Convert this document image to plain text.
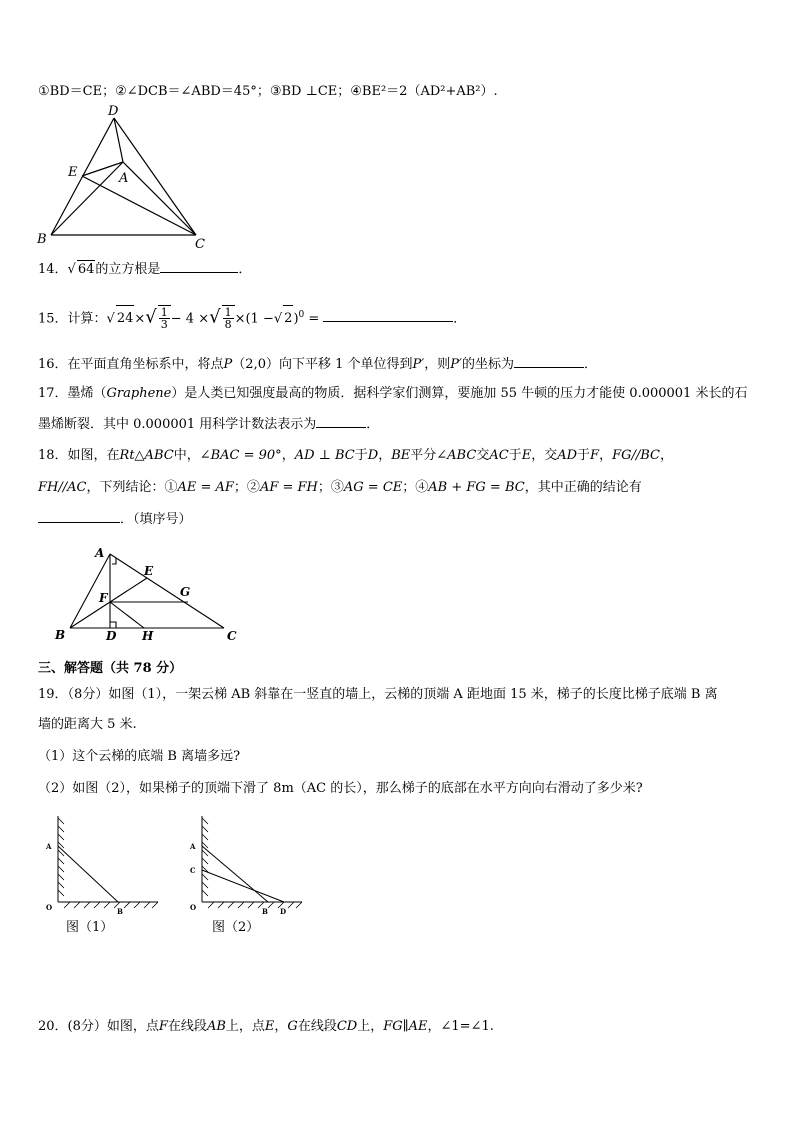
①BD＝CE；②∠DCB＝∠ABD＝45°；③BD ⊥CE；④BE²＝2（AD²+AB²）.
D
E	A
B	C
14．√ 64的立方根是	．
15．计算：√ $24\times√ \frac{1}{3} - 4$ ×√ $\frac{1}{8} \times(1$ −√ 2)$^0$ =	．
16．在平面直角坐标系中，将点P（2,0）向下平移 1 个单位得到P′，则P′的坐标为	．
17．墨烯（Graphene）是人类已知强度最高的物质．据科学家们测算，要施加 55 牛顿的压力才能使 0.000001 米长的石
墨烯断裂．其中 0.000001 用科学计数法表示为	．
18．如图，在Rt△ABC中，∠BAC = 90°，AD ⊥ BC于D，BE平分∠ABC交AC于E，交AD于F，FG//BC，
FH//AC，下列结论：①AE = AF；②AF = FH；③AG = CE；④AB + FG = BC，其中正确的结论有
．（填序号）
A
E
G
F
B	D H	C
三、解答题（共 78 分）
19．（8分）如图（1），一架云梯 AB 斜靠在一竖直的墙上，云梯的顶端 A 距地面 15 米，梯子的长度比梯子底端 B 离
墙的距离大 5 米.
（1）这个云梯的底端 B 离墙多远?
（2）如图（2），如果梯子的顶端下滑了 8m（AC 的长），那么梯子的底部在水平方向向右滑动了多少米?
A
O	B
图（1）
A
C
O	B D
图（2）
20．(8分）如图，点F在线段AB上，点E，G在线段CD上，FG∥AE，∠1=∠1.
